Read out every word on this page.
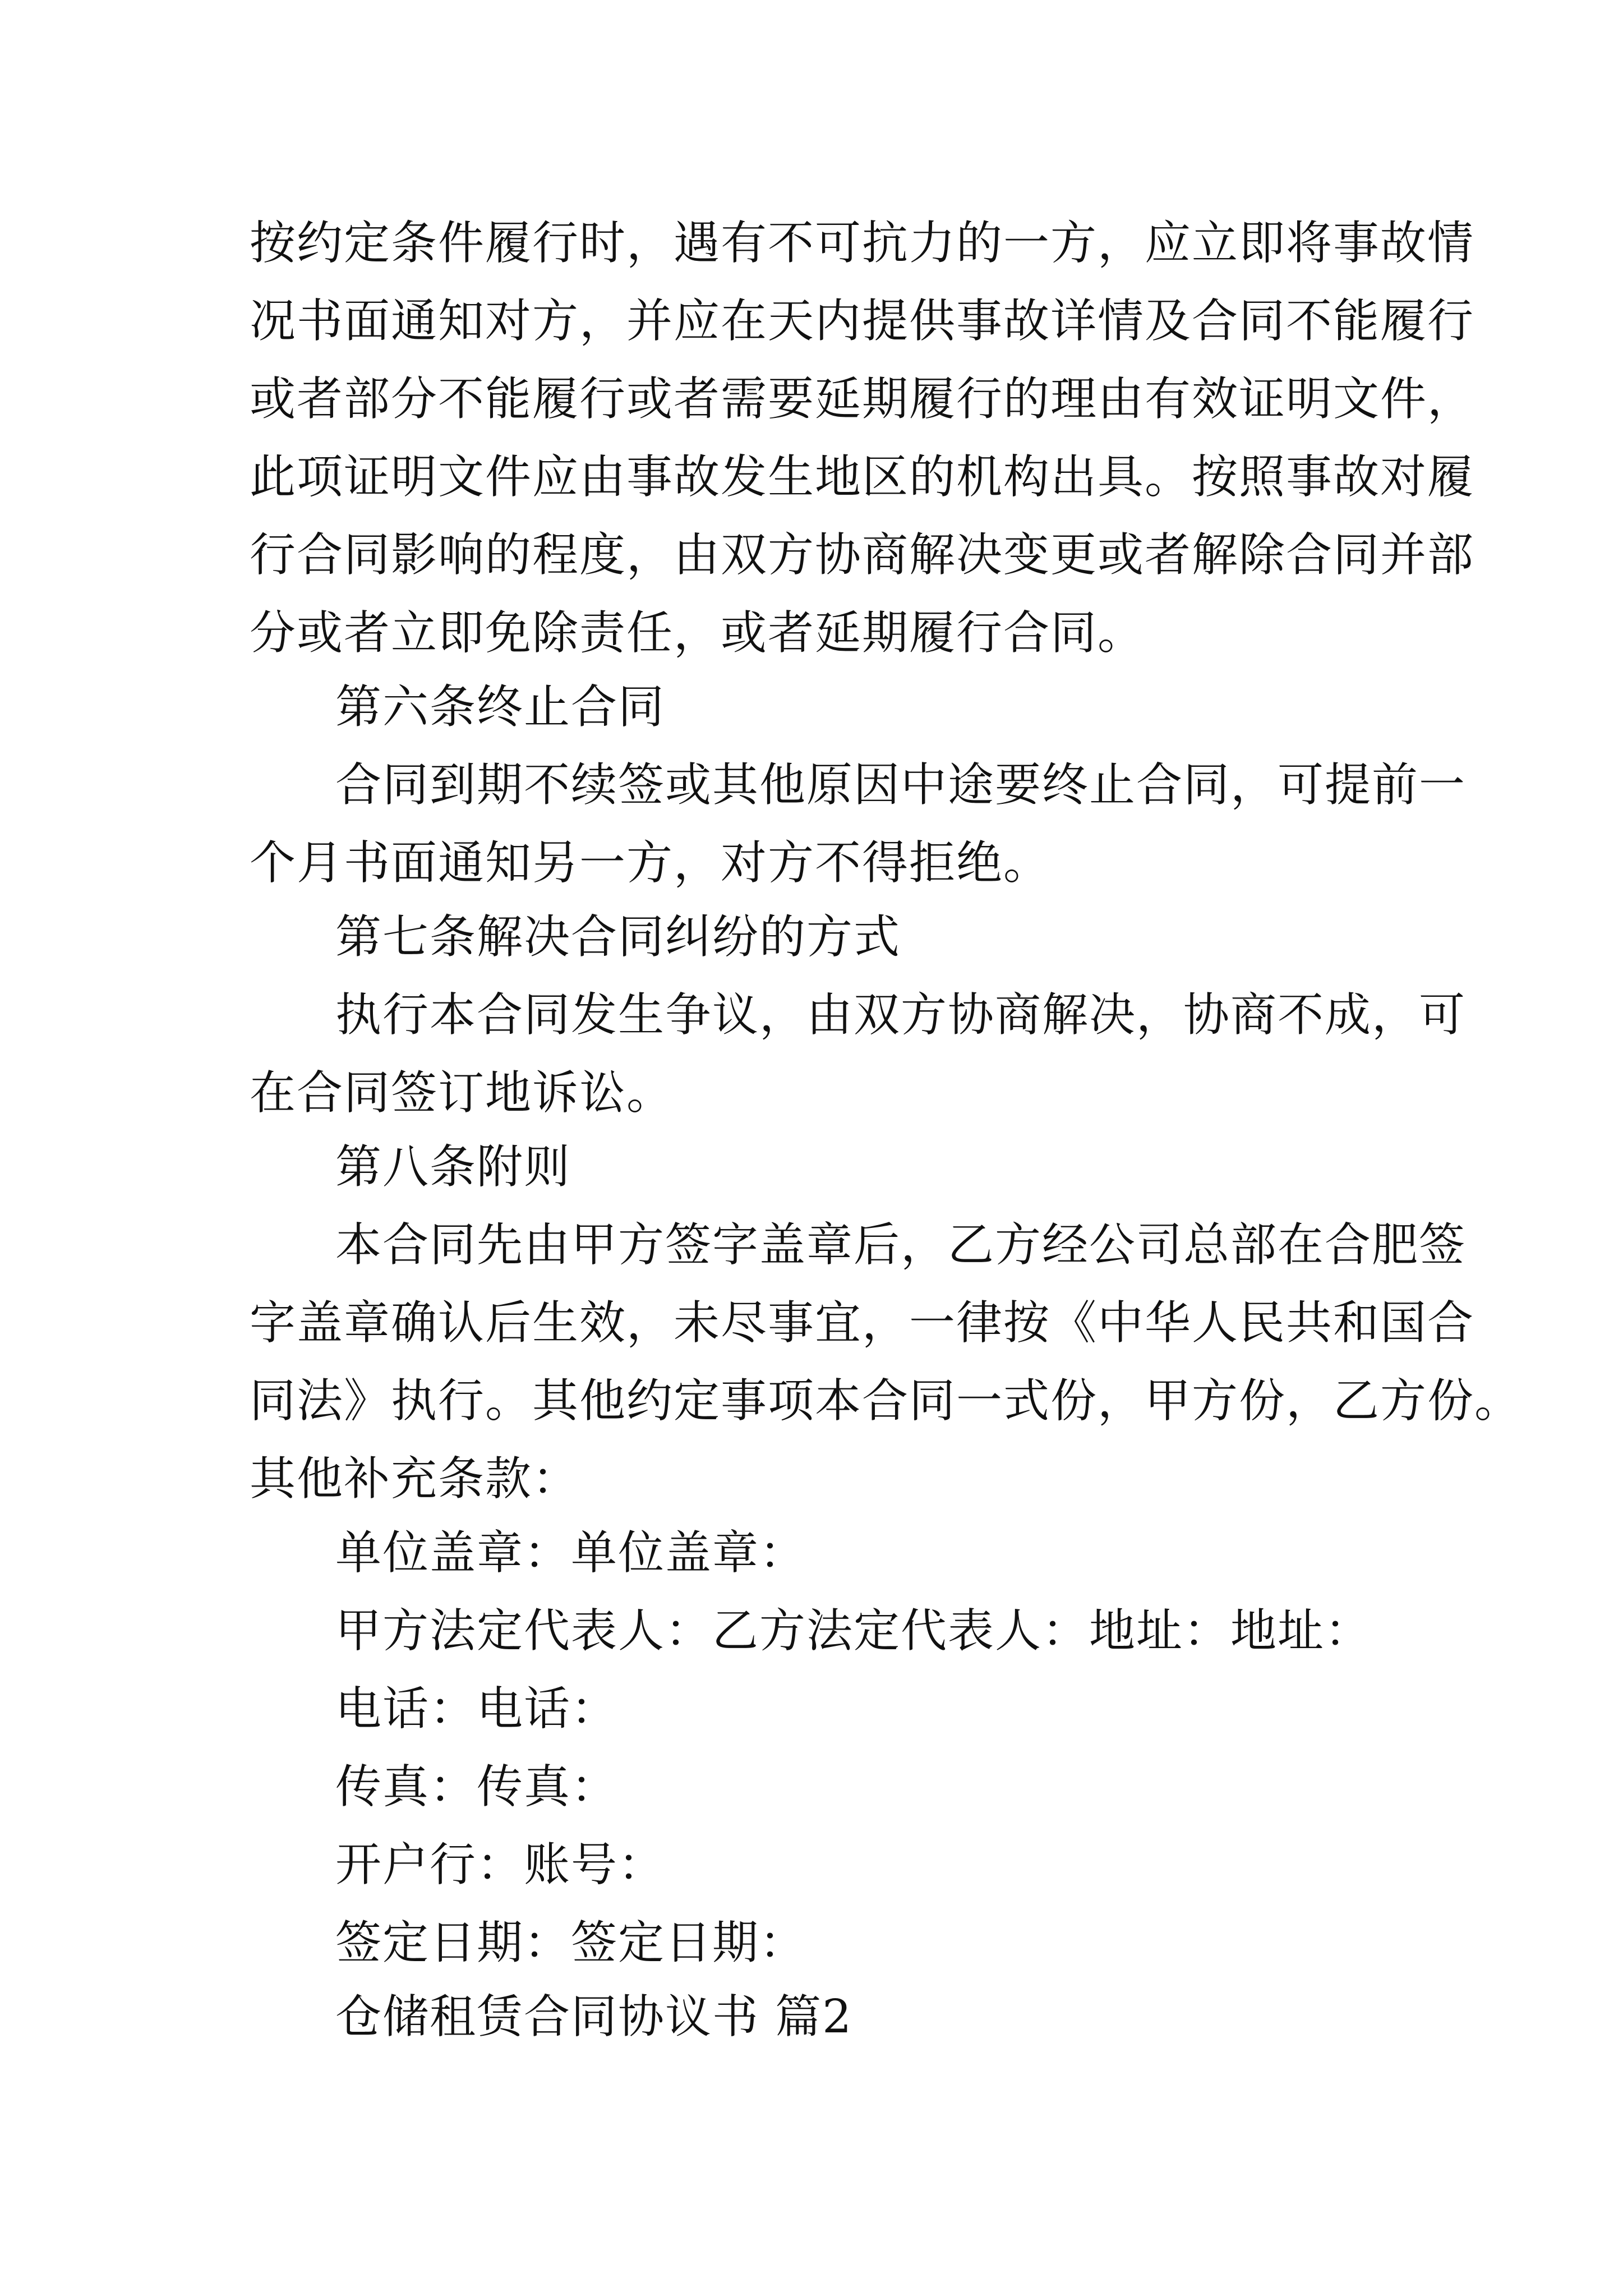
按约定条件履行时，遇有不可抗力的一方，应立即将事故情

况书面通知对方，并应在天内提供事故详情及合同不能履行

或者部分不能履行或者需要延期履行的理由有效证明文件，

此项证明文件应由事故发生地区的机构出具。按照事故对履

行合同影响的程度，由双方协商解决变更或者解除合同并部

分或者立即免除责任，或者延期履行合同。

第六条终止合同

合同到期不续签或其他原因中途要终止合同，可提前一

个月书面通知另一方，对方不得拒绝。

第七条解决合同纠纷的方式

执行本合同发生争议，由双方协商解决，协商不成，可

在合同签订地诉讼。

第八条附则

本合同先由甲方签字盖章后，乙方经公司总部在合肥签

字盖章确认后生效，未尽事宜，一律按《中华人民共和国合

同法》执行。其他约定事项本合同一式份，甲方份，乙方份。

其他补充条款：

单位盖章：单位盖章：

甲方法定代表人：乙方法定代表人：地址：地址：

电话：电话：

传真：传真：

开户行：账号：

签定日期：签定日期：

仓储租赁合同协议书 篇2
